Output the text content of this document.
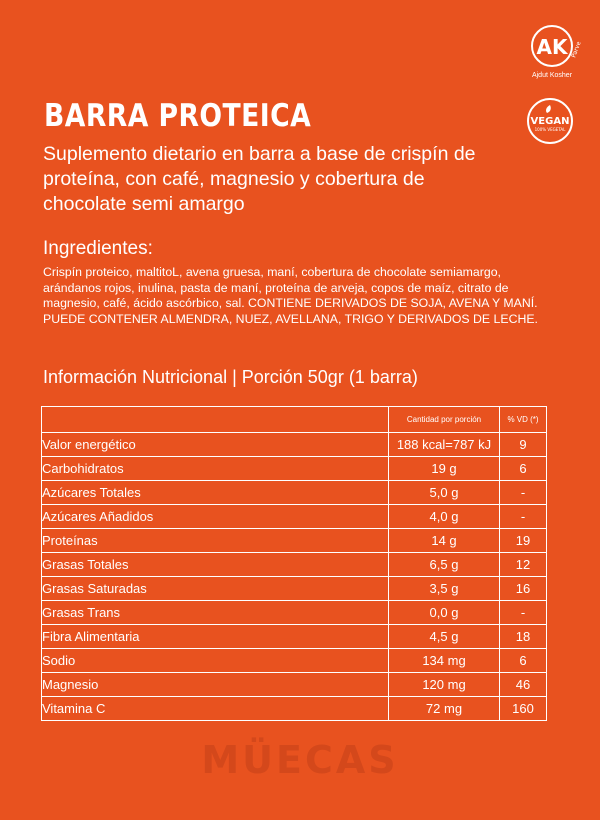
AK Parve
Ajdut Kosher
VEGAN
100% VEGETAL
BARRA PROTEICA
Suplemento dietario en barra a base de crispín de proteína, con café, magnesio y cobertura de chocolate semi amargo
Ingredientes:
Crispín proteico, maltitoL, avena gruesa, maní, cobertura de chocolate semiamargo, arándanos rojos, inulina, pasta de maní, proteína de arveja, copos de maíz, citrato de magnesio, café, ácido ascórbico, sal. CONTIENE DERIVADOS DE SOJA, AVENA Y MANÍ. PUEDE CONTENER ALMENDRA, NUEZ, AVELLANA, TRIGO Y DERIVADOS DE LECHE.
Información Nutricional | Porción 50gr (1 barra)
	Cantidad por porción	% VD (*)
Valor energético	188 kcal=787 kJ	9
Carbohidratos	19 g	6
Azúcares Totales	5,0 g	-
Azúcares Añadidos	4,0 g	-
Proteínas	14 g	19
Grasas Totales	6,5 g	12
Grasas Saturadas	3,5 g	16
Grasas Trans	0,0 g	-
Fibra Alimentaria	4,5 g	18
Sodio	134 mg	6
Magnesio	120 mg	46
Vitamina C	72 mg	160
MÜECAS
